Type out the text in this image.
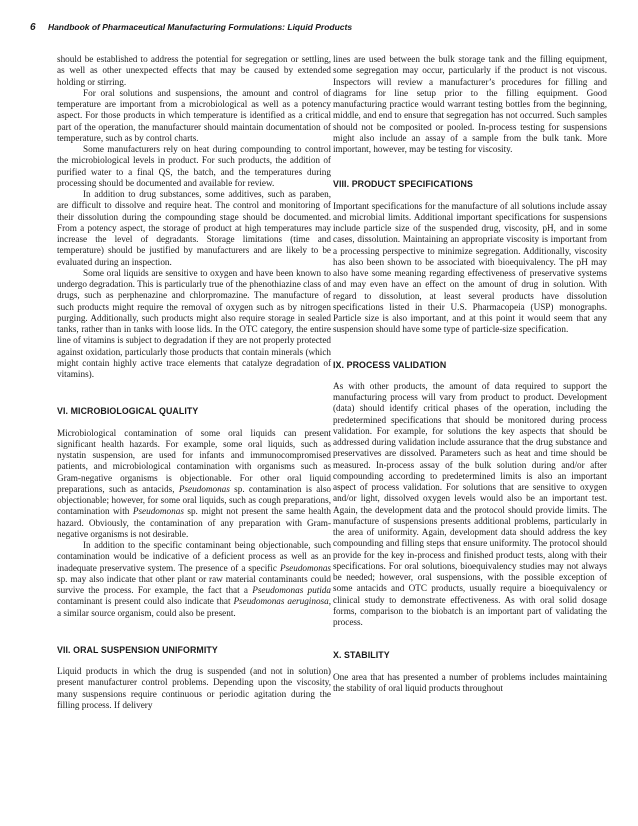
6 Handbook of Pharmaceutical Manufacturing Formulations: Liquid Products

should be established to address the potential for segregation or settling, as well as other unexpected effects that may be caused by extended holding or stirring.

For oral solutions and suspensions, the amount and control of temperature are important from a microbiological as well as a potency aspect. For those products in which temperature is identified as a critical part of the operation, the manufacturer should maintain documentation of temperature, such as by control charts.

Some manufacturers rely on heat during compounding to control the microbiological levels in product. For such products, the addition of purified water to a final QS, the batch, and the temperatures during processing should be documented and available for review.

In addition to drug substances, some additives, such as paraben, are difficult to dissolve and require heat. The control and monitoring of their dissolution during the compounding stage should be documented. From a potency aspect, the storage of product at high temperatures may increase the level of degradants. Storage limitations (time and temperature) should be justified by manufacturers and are likely to be evaluated during an inspection.

Some oral liquids are sensitive to oxygen and have been known to undergo degradation. This is particularly true of the phenothiazine class of drugs, such as perphenazine and chlorpromazine. The manufacture of such products might require the removal of oxygen such as by nitrogen purging. Additionally, such products might also require storage in sealed tanks, rather than in tanks with loose lids. In the OTC category, the entire line of vitamins is subject to degradation if they are not properly protected against oxidation, particularly those products that contain minerals (which might contain highly active trace elements that catalyze degradation of vitamins).

VI. MICROBIOLOGICAL QUALITY

Microbiological contamination of some oral liquids can present significant health hazards. For example, some oral liquids, such as nystatin suspension, are used for infants and immunocompromised patients, and microbiological contamination with organisms such as Gram-negative organisms is objectionable. For other oral liquid preparations, such as antacids, Pseudomonas sp. contamination is also objectionable; however, for some oral liquids, such as cough preparations, contamination with Pseudomonas sp. might not present the same health hazard. Obviously, the contamination of any preparation with Gram-negative organisms is not desirable.

In addition to the specific contaminant being objectionable, such contamination would be indicative of a deficient process as well as an inadequate preservative system. The presence of a specific Pseudomonas sp. may also indicate that other plant or raw material contaminants could survive the process. For example, the fact that a Pseudomonas putida contaminant is present could also indicate that Pseudomonas aeruginosa, a similar source organism, could also be present.

VII. ORAL SUSPENSION UNIFORMITY

Liquid products in which the drug is suspended (and not in solution) present manufacturer control problems. Depending upon the viscosity, many suspensions require continuous or periodic agitation during the filling process. If delivery

lines are used between the bulk storage tank and the filling equipment, some segregation may occur, particularly if the product is not viscous. Inspectors will review a manufacturer’s procedures for filling and diagrams for line setup prior to the filling equipment. Good manufacturing practice would warrant testing bottles from the beginning, middle, and end to ensure that segregation has not occurred. Such samples should not be composited or pooled. In-process testing for suspensions might also include an assay of a sample from the bulk tank. More important, however, may be testing for viscosity.

VIII. PRODUCT SPECIFICATIONS

Important specifications for the manufacture of all solutions include assay and microbial limits. Additional important specifications for suspensions include particle size of the suspended drug, viscosity, pH, and in some cases, dissolution. Maintaining an appropriate viscosity is important from a processing perspective to minimize segregation. Additionally, viscosity has also been shown to be associated with bioequivalency. The pH may also have some meaning regarding effectiveness of preservative systems and may even have an effect on the amount of drug in solution. With regard to dissolution, at least several products have dissolution specifications listed in their U.S. Pharmacopeia (USP) monographs. Particle size is also important, and at this point it would seem that any suspension should have some type of particle-size specification.

IX. PROCESS VALIDATION

As with other products, the amount of data required to support the manufacturing process will vary from product to product. Development (data) should identify critical phases of the operation, including the predetermined specifications that should be monitored during process validation. For example, for solutions the key aspects that should be addressed during validation include assurance that the drug substance and preservatives are dissolved. Parameters such as heat and time should be measured. In-process assay of the bulk solution during and/or after compounding according to predetermined limits is also an important aspect of process validation. For solutions that are sensitive to oxygen and/or light, dissolved oxygen levels would also be an important test. Again, the development data and the protocol should provide limits. The manufacture of suspensions presents additional problems, particularly in the area of uniformity. Again, development data should address the key compounding and filling steps that ensure uniformity. The protocol should provide for the key in-process and finished product tests, along with their specifications. For oral solutions, bioequivalency studies may not always be needed; however, oral suspensions, with the possible exception of some antacids and OTC products, usually require a bioequivalency or clinical study to demonstrate effectiveness. As with oral solid dosage forms, comparison to the biobatch is an important part of validating the process.

X. STABILITY

One area that has presented a number of problems includes maintaining the stability of oral liquid products throughout
